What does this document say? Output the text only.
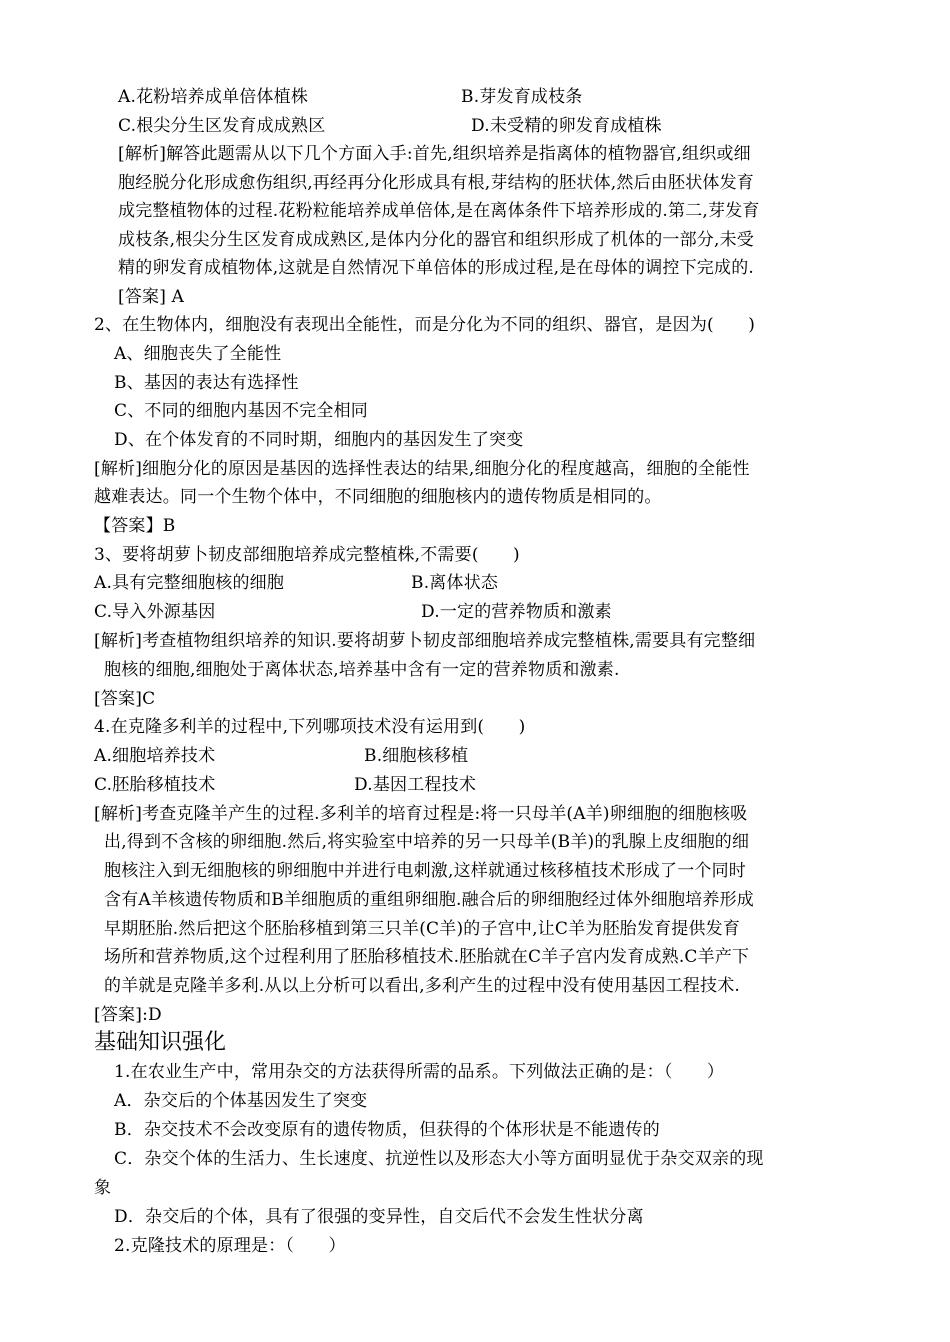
A.花粉培养成单倍体植株	B.芽发育成枝条
C.根尖分生区发育成成熟区	D.未受精的卵发育成植株
[解析]解答此题需从以下几个方面入手:首先,组织培养是指离体的植物器官,组织或细
胞经脱分化形成愈伤组织,再经再分化形成具有根,芽结构的胚状体,然后由胚状体发育
成完整植物体的过程.花粉粒能培养成单倍体,是在离体条件下培养形成的.第二,芽发育
成枝条,根尖分生区发育成成熟区,是体内分化的器官和组织形成了机体的一部分,未受
精的卵发育成植物体,这就是自然情况下单倍体的形成过程,是在母体的调控下完成的.
[答案] A
2、在生物体内，细胞没有表现出全能性，而是分化为不同的组织、器官，是因为(　　)
A、细胞丧失了全能性
B、基因的表达有选择性
C、不同的细胞内基因不完全相同
D、在个体发育的不同时期，细胞内的基因发生了突变
[解析]细胞分化的原因是基因的选择性表达的结果,细胞分化的程度越高，细胞的全能性
越难表达。同一个生物个体中，不同细胞的细胞核内的遗传物质是相同的。
【答案】B
3、要将胡萝卜韧皮部细胞培养成完整植株,不需要(　　)
A.具有完整细胞核的细胞	B.离体状态
C.导入外源基因	D.一定的营养物质和激素
[解析]考查植物组织培养的知识.要将胡萝卜韧皮部细胞培养成完整植株,需要具有完整细
胞核的细胞,细胞处于离体状态,培养基中含有一定的营养物质和激素.
[答案]C
4.在克隆多利羊的过程中,下列哪项技术没有运用到(　　)
A.细胞培养技术	B.细胞核移植
C.胚胎移植技术	D.基因工程技术
[解析]考查克隆羊产生的过程.多利羊的培育过程是:将一只母羊(A羊)卵细胞的细胞核吸
出,得到不含核的卵细胞.然后,将实验室中培养的另一只母羊(B羊)的乳腺上皮细胞的细
胞核注入到无细胞核的卵细胞中并进行电刺激,这样就通过核移植技术形成了一个同时
含有A羊核遗传物质和B羊细胞质的重组卵细胞.融合后的卵细胞经过体外细胞培养形成
早期胚胎.然后把这个胚胎移植到第三只羊(C羊)的子宫中,让C羊为胚胎发育提供发育
场所和营养物质,这个过程利用了胚胎移植技术.胚胎就在C羊子宫内发育成熟.C羊产下
的羊就是克隆羊多利.从以上分析可以看出,多利产生的过程中没有使用基因工程技术.
[答案]:D
基础知识强化
1.在农业生产中，常用杂交的方法获得所需的品系。下列做法正确的是：（　　）
A．杂交后的个体基因发生了突变
B．杂交技术不会改变原有的遗传物质，但获得的个体形状是不能遗传的
C．杂交个体的生活力、生长速度、抗逆性以及形态大小等方面明显优于杂交双亲的现
象
D．杂交后的个体，具有了很强的变异性，自交后代不会发生性状分离
2.克隆技术的原理是：（　　）
